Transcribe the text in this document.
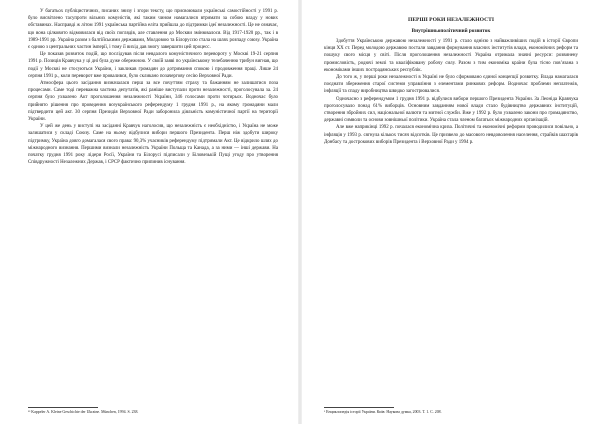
У багатьох публіцистичних, писаних знизу і згори тексту, що присвоювали українські самостійності у 1991 р. було висвітлено тасупроти вільних комуністів, які таким чином намагалися втримати за собою владу у нових обставинах. Насправді ж літом 1991 українська партійна еліта прийшла до підтримки ідеї незалежності. Це не означає, що вона цілковито відмовилася від своїх поглядів, але ставлення до Москви змінювалося. Від 1917-1920 рр., так і в 1989-1991 рр. Україна разом з балтійськими державами, Молдовою та Білоруссю стала на шлях розпаду союзу. Україна є одною з центральних частин імперії, і тому її вихід дав змогу завершити цей процесс.

Це показав розвиток подій, що послідував після невдалого комуністичного перевороту у Москві 19-21 серпня 1991 р. Позиція Кравчука у ці дні була дуже обережною. У своїй заяві по українському телебаченню трибун вигнав, що події у Москві не стосуються України, і закликав громадян до дотримання спокою і продовження праці. Лише 24 серпня 1991 р., коли переворот вже провалився, було скликано позачергову сесію Верховної Ради.

Атмосфера цього засідання визначалася перш за все почуттям страху та бажанням не залишатися поза процесами. Саме тоді переважна частина депутатів, які раніше виступали проти незалежності, проголосувала за. 24 серпня було ухвалено Акт проголошення незалежності України, 346 голосами проти чотирьох. Водночас було прийнято рішення про проведення всеукраїнського референдуму 1 грудня 1991 р., на якому громадяни мали підтвердити цей акт. 30 серпня Президія Верховної Ради заборонила діяльність комуністичної партії на території України.

У цей же день у виступі на засіданні Кравчук наголосив, що незалежність є необхідністю, і Україна не може залишатися у складі Союзу. Саме на ньому відбулися вибори першого Президента. Перш ніж здобути широку підтримку, Україна довго домагалася свого права: 90,3% учасників референдуму підтримали Акт. Це відкрило шлях до міжнародного визнання. Першими визнали незалежність України Польща та Канада, а за ними — інші держави. На початку грудня 1991 року лідери Росії, України та Білорусі підписали у Біловезькій Пущі угоду про утворення Співдружності Незалежних Держав, і СРСР фактично припинив існування.

¹³ Kappeler A. Kleine Geschichte der Ukraine. München, 1994. S. 238.
ПЕРШІ РОКИ НЕЗАЛЕЖНОСТІ
Внутрішньополітичний розвиток

Здобуття Українською державою незалежності у 1991 р. стало однією з найважливіших подій в історії Європи кінця XX ст. Перед молодою державою постали завдання формування власних інститутів влади, економічних реформ та пошуку свого місця у світі. Після проголошення незалежності Україна отримала значні ресурси: розвинену промисловість, родючі землі та кваліфіковану робочу силу. Разом з тим економіка країни була тісно пов’язана з економіками інших пострадянських республік.

До того ж, у перші роки незалежності в Україні не було сформовано єдиної концепції розвитку. Влада намагалася поєднати збереження старої системи управління з елементами ринкових реформ. Водночас проблеми неплатежів, інфляції та спаду виробництва швидко загострювалися.

Одночасно з референдумом 1 грудня 1991 р. відбулися вибори першого Президента України. За Леоніда Кравчука проголосувало понад 61% виборців. Основним завданням нової влади стало будівництво державних інституцій, створення збройних сил, національної валюти та митної служби. Вже у 1992 р. було ухвалено закони про громадянство, державні символи та основи зовнішньої політики. Україна стала членом багатьох міжнародних організацій.

Але вже наприкінці 1992 р. почалася економічна криза. Політичні та економічні реформи проводилися повільно, а інфляція у 1993 р. сягнула кількох тисяч відсотків. Це призвело до масового невдоволення населення, страйків шахтарів Донбасу та дострокових виборів Президента і Верховної Ради у 1994 р.

¹ Енциклопедія історії України. Київ: Наукова думка, 2003. Т. 1. С. 208.
